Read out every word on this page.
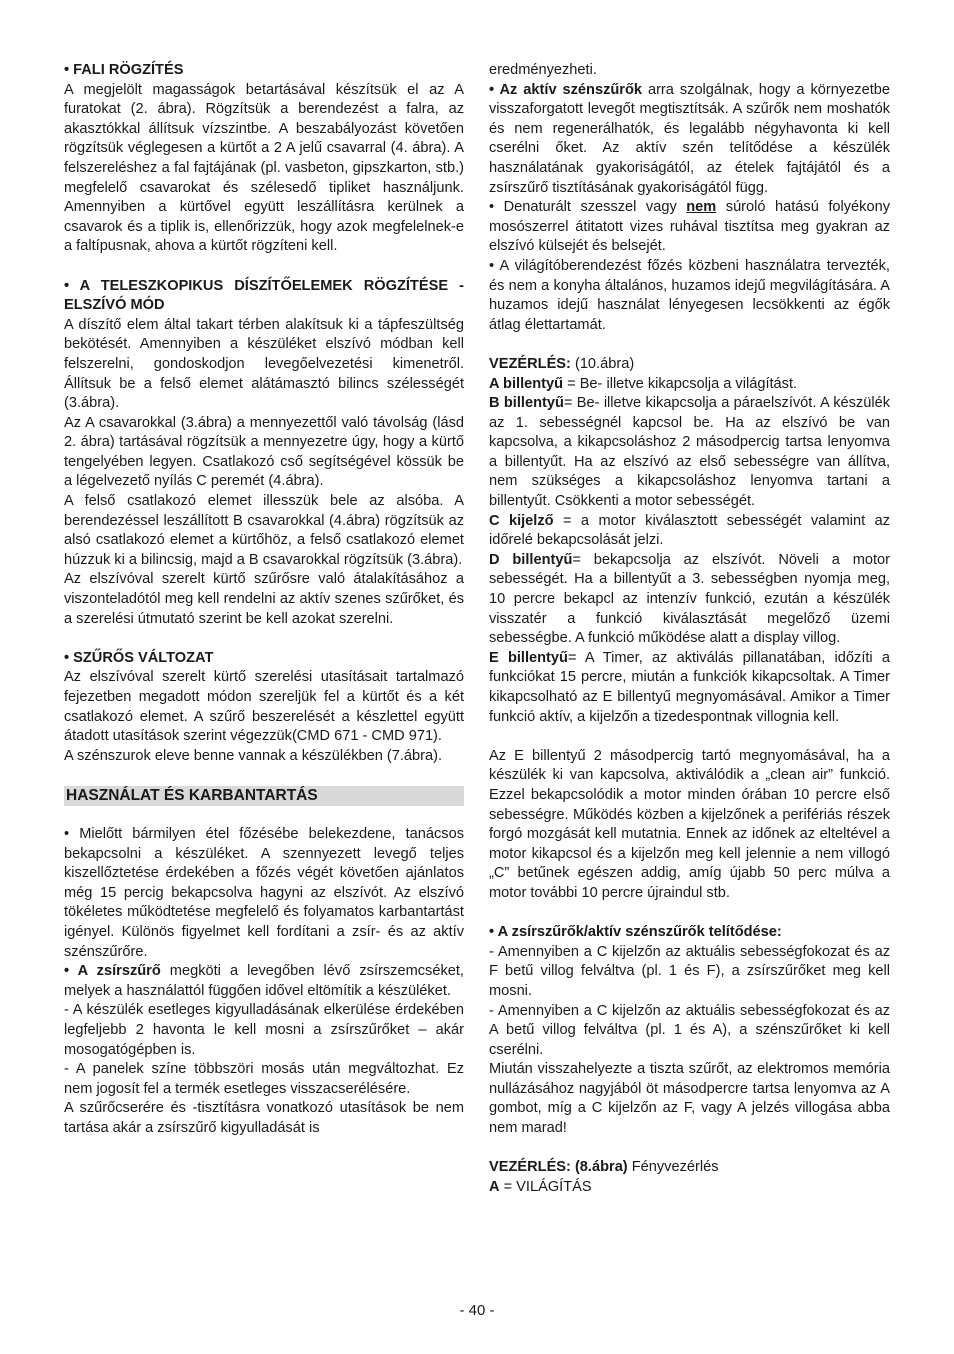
• FALI RÖGZÍTÉS

A megjelölt magasságok betartásával készítsük el az A furatokat (2. ábra). Rögzítsük a berendezést a falra, az akasztókkal állítsuk vízszintbe. A beszabályozást követően rögzítsük véglegesen a kürtőt a 2 A jelű csavarral (4. ábra). A felszereléshez a fal fajtájának (pl. vasbeton, gipszkarton, stb.) megfelelő csavarokat és szélesedő tipliket használjunk. Amennyiben a kürtővel együtt leszállításra kerülnek a csavarok és a tiplik is, ellenőrizzük, hogy azok megfelelnek-e a faltípusnak, ahova a kürtőt rögzíteni kell.

• A TELESZKOPIKUS DÍSZÍTŐELEMEK RÖGZÍTÉSE - ELSZÍVÓ MÓD

A díszítő elem által takart térben alakítsuk ki a tápfeszültség bekötését. Amennyiben a készüléket elszívó módban kell felszerelni, gondoskodjon levegőelvezetési kimenetről. Állítsuk be a felső elemet alátámasztó bilincs szélességét (3.ábra).

Az A csavarokkal (3.ábra) a mennyezettől való távolság (lásd 2. ábra) tartásával rögzítsük a mennyezetre úgy, hogy a kürtő tengelyében legyen. Csatlakozó cső segítségével kössük be a légelvezető nyílás C peremét (4.ábra).

A felső csatlakozó elemet illesszük bele az alsóba. A berendezéssel leszállított B csavarokkal (4.ábra) rögzítsük az alsó csatlakozó elemet a kürtőhöz, a felső csatlakozó elemet húzzuk ki a bilincsig, majd a B csavarokkal rögzítsük (3.ábra).

Az elszívóval szerelt kürtő szűrősre való átalakításához a viszonteladótól meg kell rendelni az aktív szenes szűrőket, és a szerelési útmutató szerint be kell azokat szerelni.

• SZŰRŐS VÁLTOZAT

Az elszívóval szerelt kürtő szerelési utasításait tartalmazó fejezetben megadott módon szereljük fel a kürtőt és a két csatlakozó elemet. A szűrő beszerelését a készlettel együtt átadott utasítások szerint végezzük(CMD 671 - CMD 971).

A szénszurok eleve benne vannak a készülékben (7.ábra).

HASZNÁLAT ÉS KARBANTARTÁS

• Mielőtt bármilyen étel főzésébe belekezdene, tanácsos bekapcsolni a készüléket. A szennyezett levegő teljes kiszellőztetése érdekében a főzés végét követően ajánlatos még 15 percig bekapcsolva hagyni az elszívót. Az elszívó tökéletes működtetése megfelelő és folyamatos karbantartást igényel. Különös figyelmet kell fordítani a zsír- és az aktív szénszűrőre.

• A zsírszűrő megköti a levegőben lévő zsírszemcséket, melyek a használattól függően idővel eltömítik a készüléket.

- A készülék esetleges kigyulladásának elkerülése érdekében legfeljebb 2 havonta le kell mosni a zsírszűrőket – akár mosogatógépben is.

- A panelek színe többszöri mosás után megváltozhat. Ez nem jogosít fel a termék esetleges visszacserélésére.

A szűrőcserére és -tisztításra vonatkozó utasítások be nem tartása akár a zsírszűrő kigyulladását is

eredményezheti.

• Az aktív szénszűrők arra szolgálnak, hogy a környezetbe visszaforgatott levegőt megtisztítsák. A szűrők nem moshatók és nem regenerálhatók, és legalább négyhavonta ki kell cserélni őket. Az aktív szén telítődése a készülék használatának gyakoriságától, az ételek fajtájától és a zsírszűrő tisztításának gyakoriságától függ.

• Denaturált szesszel vagy nem súroló hatású folyékony mosószerrel átitatott vizes ruhával tisztítsa meg gyakran az elszívó külsejét és belsejét.

• A világítóberendezést főzés közbeni használatra tervezték, és nem a konyha általános, huzamos idejű megvilágítására. A huzamos idejű használat lényegesen lecsökkenti az égők átlag élettartamát.

VEZÉRLÉS: (10.ábra)

A billentyű = Be- illetve kikapcsolja a világítást.

B billentyű= Be- illetve kikapcsolja a páraelszívót. A készülék az 1. sebességnél kapcsol be. Ha az elszívó be van kapcsolva, a kikapcsoláshoz 2 másodpercig tartsa lenyomva a billentyűt. Ha az elszívó az első sebességre van állítva, nem szükséges a kikapcsoláshoz lenyomva tartani a billentyűt. Csökkenti a motor sebességét.

C kijelző = a motor kiválasztott sebességét valamint az időrelé bekapcsolását jelzi.

D billentyű= bekapcsolja az elszívót. Növeli a motor sebességét. Ha a billentyűt a 3. sebességben nyomja meg, 10 percre bekapcl az intenzív funkció, ezután a készülék visszatér a funkció kiválasztását megelőző üzemi sebességbe. A funkció működése alatt a display villog.

E billentyű= A Timer, az aktiválás pillanatában, időzíti a funkciókat 15 percre, miután a funkciók kikapcsoltak. A Timer kikapcsolható az E billentyű megnyomásával. Amikor a Timer funkció aktív, a kijelzőn a tizedespontnak villognia kell.

Az E billentyű 2 másodpercig tartó megnyomásával, ha a készülék ki van kapcsolva, aktiválódik a „clean air” funkció. Ezzel bekapcsolódik a motor minden órában 10 percre első sebességre. Működés közben a kijelzőnek a perifériás részek forgó mozgását kell mutatnia. Ennek az időnek az elteltével a motor kikapcsol és a kijelzőn meg kell jelennie a nem villogó „C” betűnek egészen addig, amíg újabb 50 perc múlva a motor további 10 percre újraindul stb.

• A zsírszűrők/aktív szénszűrők telítődése:

- Amennyiben a C kijelzőn az aktuális sebességfokozat és az F betű villog felváltva (pl. 1 és F), a zsírszűrőket meg kell mosni.

- Amennyiben a C kijelzőn az aktuális sebességfokozat és az A betű villog felváltva (pl. 1 és A), a szénszűrőket ki kell cserélni.

Miután visszahelyezte a tiszta szűrőt, az elektromos memória nullázásához nagyjából öt másodpercre tartsa lenyomva az A gombot, míg a C kijelzőn az F, vagy A jelzés villogása abba nem marad!

VEZÉRLÉS: (8.ábra) Fényvezérlés

A = VILÁGÍTÁS

- 40 -
